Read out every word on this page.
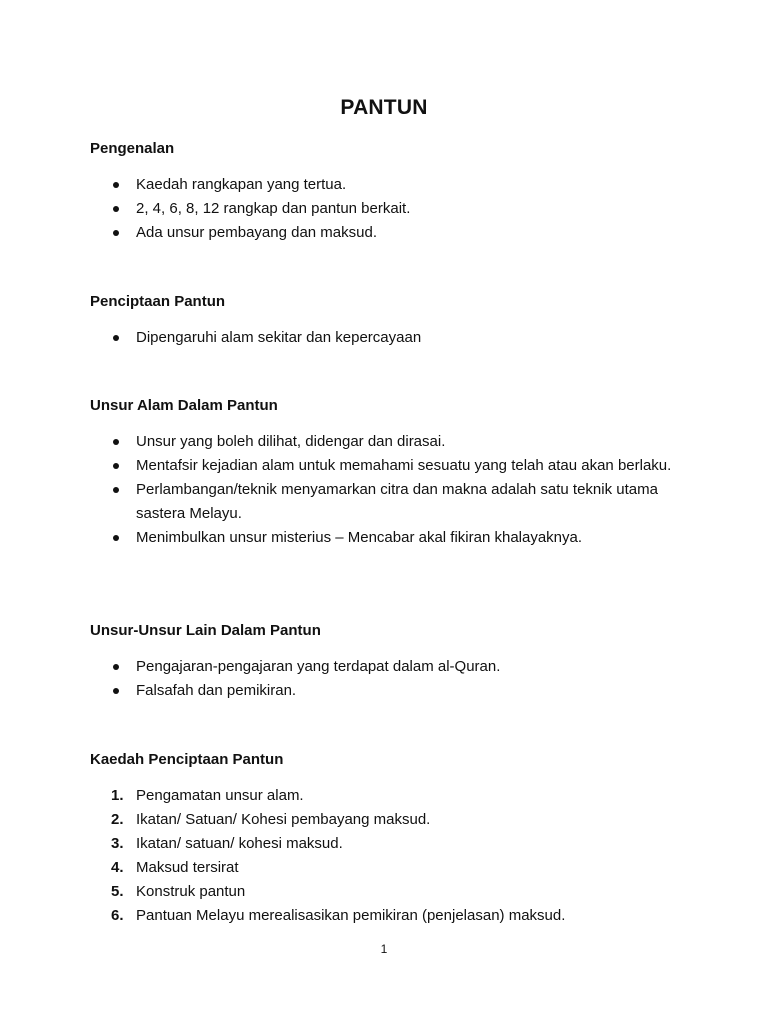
PANTUN
Pengenalan
Kaedah rangkapan yang tertua.
2, 4, 6, 8, 12 rangkap dan pantun berkait.
Ada unsur pembayang dan maksud.
Penciptaan Pantun
Dipengaruhi alam sekitar dan kepercayaan
Unsur Alam Dalam Pantun
Unsur yang boleh dilihat, didengar dan dirasai.
Mentafsir kejadian alam untuk memahami sesuatu yang telah atau akan berlaku.
Perlambangan/teknik menyamarkan citra dan makna adalah satu teknik utama sastera Melayu.
Menimbulkan unsur misterius – Mencabar akal fikiran khalayaknya.
Unsur-Unsur Lain Dalam Pantun
Pengajaran-pengajaran yang terdapat dalam al-Quran.
Falsafah dan pemikiran.
Kaedah Penciptaan Pantun
1. Pengamatan unsur alam.
2. Ikatan/ Satuan/ Kohesi pembayang maksud.
3. Ikatan/ satuan/ kohesi maksud.
4. Maksud tersirat
5. Konstruk pantun
6. Pantuan Melayu merealisasikan pemikiran (penjelasan) maksud.
1
